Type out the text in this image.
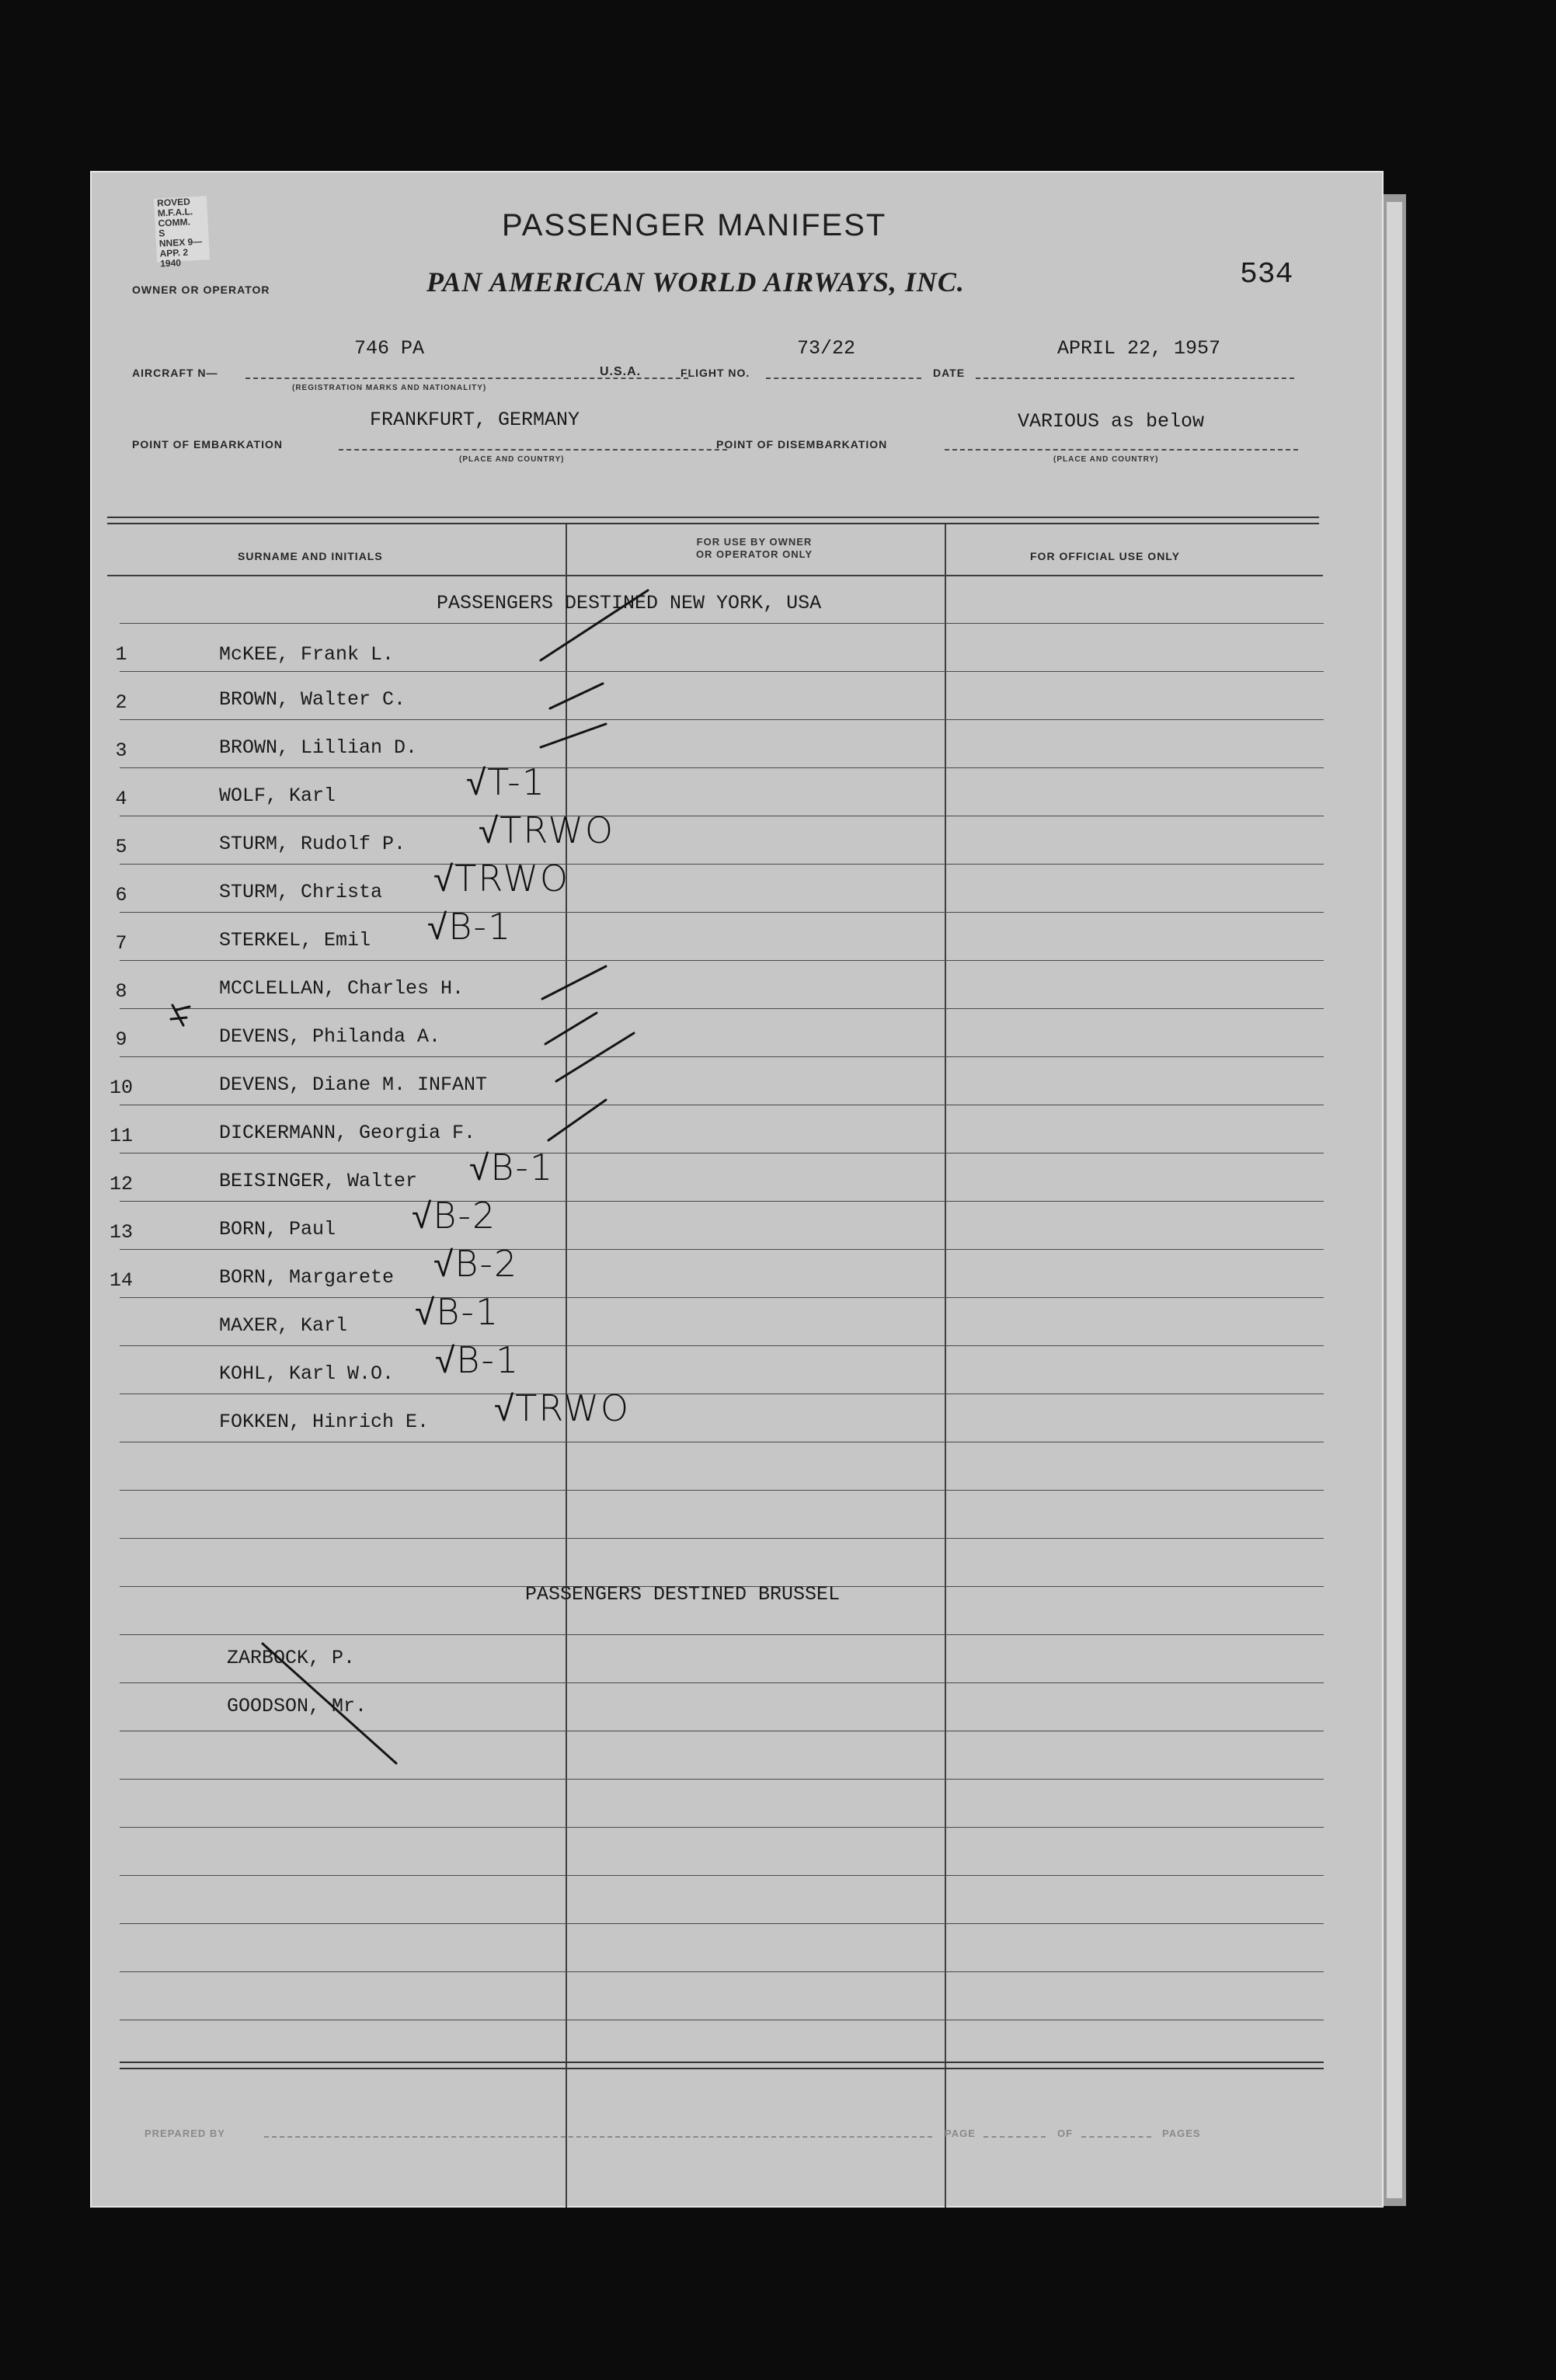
ROVED
M.F.A.L. COMM.
S
NNEX 9—APP. 2
1940
PASSENGER MANIFEST
OWNER OR OPERATOR	PAN AMERICAN WORLD AIRWAYS, INC.	534
AIRCRAFT N—
746 PA
(REGISTRATION MARKS AND NATIONALITY)
U.S.A.	FLIGHT NO.
73/22
DATE
APRIL 22, 1957
POINT OF EMBARKATION
FRANKFURT, GERMANY
(PLACE AND COUNTRY)
POINT OF DISEMBARKATION
VARIOUS as below
(PLACE AND COUNTRY)
SURNAME AND INITIALS
FOR USE BY OWNER
OR OPERATOR ONLY	FOR OFFICIAL USE ONLY
PASSENGERS DESTINED NEW YORK, USA
1	McKEE, Frank L.
2	BROWN, Walter C.
3	BROWN, Lillian D.
4	WOLF, Karl	√T-1
5	STURM, Rudolf P. √TRWO
6	STURM, Christa √TRWO
7	STERKEL, Emil √B-1
8	MCCLELLAN, Charles H.
9	DEVENS, Philanda A.
10	DEVENS, Diane M. INFANT
11	DICKERMANN, Georgia F.
12	BEISINGER, Walter √B-1
13	BORN, Paul √B-2
14	BORN, Margarete √B-2
MAXER, Karl √B-1
KOHL, Karl W.O. √B-1
FOKKEN, Hinrich E. √TRWO
PASSENGERS DESTINED BRUSSEL
ZARBOCK, P.
GOODSON, Mr.
PREPARED BY	PAGE	OF	PAGES
